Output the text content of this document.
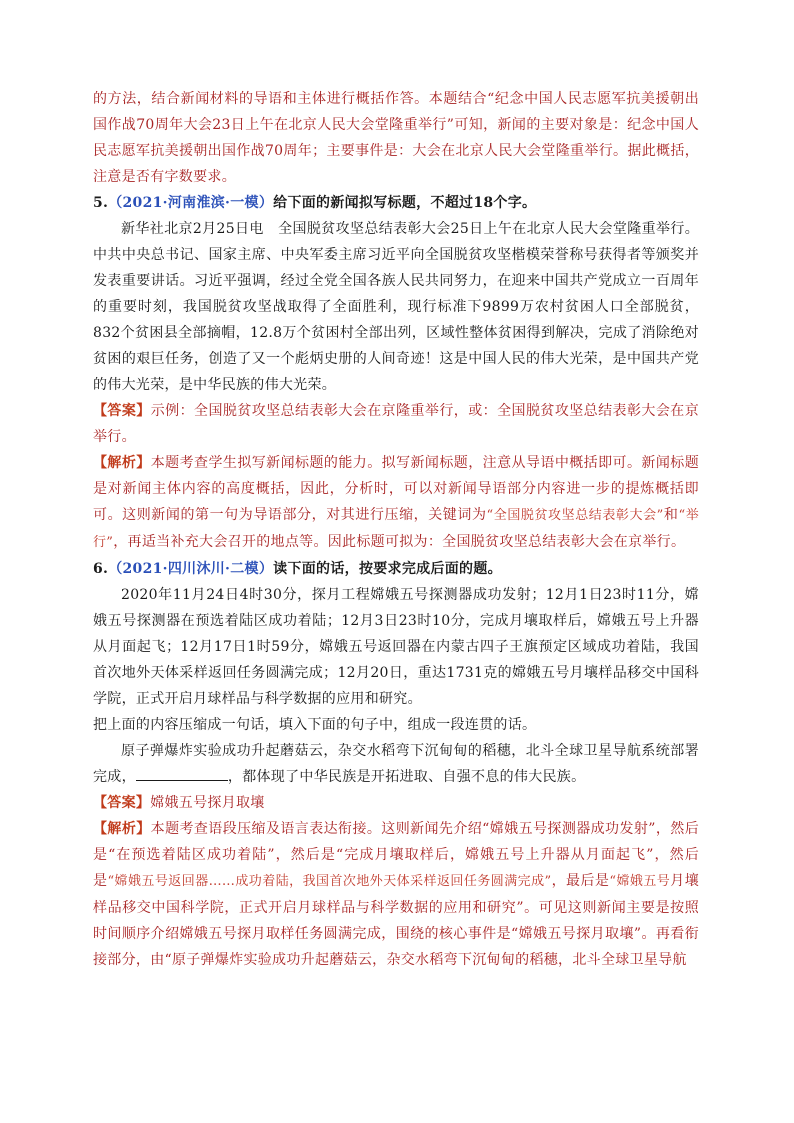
的方法，结合新闻材料的导语和主体进行概括作答。本题结合“纪念中国人民志愿军抗美援朝出国作战70周年大会23日上午在北京人民大会堂隆重举行”可知，新闻的主要对象是：纪念中国人民志愿军抗美援朝出国作战70周年；主要事件是：大会在北京人民大会堂隆重举行。据此概括，注意是否有字数要求。

5.（2021·河南淮滨·一模）给下面的新闻拟写标题，不超过18个字。

新华社北京2月25日电　全国脱贫攻坚总结表彰大会25日上午在北京人民大会堂隆重举行。中共中央总书记、国家主席、中央军委主席习近平向全国脱贫攻坚楷模荣誉称号获得者等颁奖并发表重要讲话。习近平强调，经过全党全国各族人民共同努力，在迎来中国共产党成立一百周年的重要时刻，我国脱贫攻坚战取得了全面胜利，现行标准下9899万农村贫困人口全部脱贫，832个贫困县全部摘帽，12.8万个贫困村全部出列，区域性整体贫困得到解决，完成了消除绝对贫困的艰巨任务，创造了又一个彪炳史册的人间奇迹！这是中国人民的伟大光荣，是中国共产党的伟大光荣，是中华民族的伟大光荣。

【答案】示例：全国脱贫攻坚总结表彰大会在京隆重举行，或：全国脱贫攻坚总结表彰大会在京举行。

【解析】本题考查学生拟写新闻标题的能力。拟写新闻标题，注意从导语中概括即可。新闻标题是对新闻主体内容的高度概括，因此，分析时，可以对新闻导语部分内容进一步的提炼概括即可。这则新闻的第一句为导语部分，对其进行压缩，关键词为“全国脱贫攻坚总结表彰大会”和“举行”，再适当补充大会召开的地点等。因此标题可拟为：全国脱贫攻坚总结表彰大会在京举行。

6.（2021·四川沐川·二模）读下面的话，按要求完成后面的题。

2020年11月24日4时30分，探月工程嫦娥五号探测器成功发射；12月1日23时11分，嫦娥五号探测器在预选着陆区成功着陆；12月3日23时10分，完成月壤取样后，嫦娥五号上升器从月面起飞；12月17日1时59分，嫦娥五号返回器在内蒙古四子王旗预定区域成功着陆，我国首次地外天体采样返回任务圆满完成；12月20日，重达1731克的嫦娥五号月壤样品移交中国科学院，正式开启月球样品与科学数据的应用和研究。

把上面的内容压缩成一句话，填入下面的句子中，组成一段连贯的话。

原子弹爆炸实验成功升起蘑菇云，杂交水稻弯下沉甸甸的稻穗，北斗全球卫星导航系统部署完成，	，都体现了中华民族是开拓进取、自强不息的伟大民族。

【答案】嫦娥五号探月取壤

【解析】本题考查语段压缩及语言表达衔接。这则新闻先介绍“嫦娥五号探测器成功发射”，然后是“在预选着陆区成功着陆”，然后是“完成月壤取样后，嫦娥五号上升器从月面起飞”，然后是“嫦娥五号返回器……成功着陆，我国首次地外天体采样返回任务圆满完成”，最后是“嫦娥五号月壤样品移交中国科学院，正式开启月球样品与科学数据的应用和研究”。可见这则新闻主要是按照时间顺序介绍嫦娥五号探月取样任务圆满完成，围绕的核心事件是“嫦娥五号探月取壤”。再看衔接部分，由“原子弹爆炸实验成功升起蘑菇云，杂交水稻弯下沉甸甸的稻穗，北斗全球卫星导航
